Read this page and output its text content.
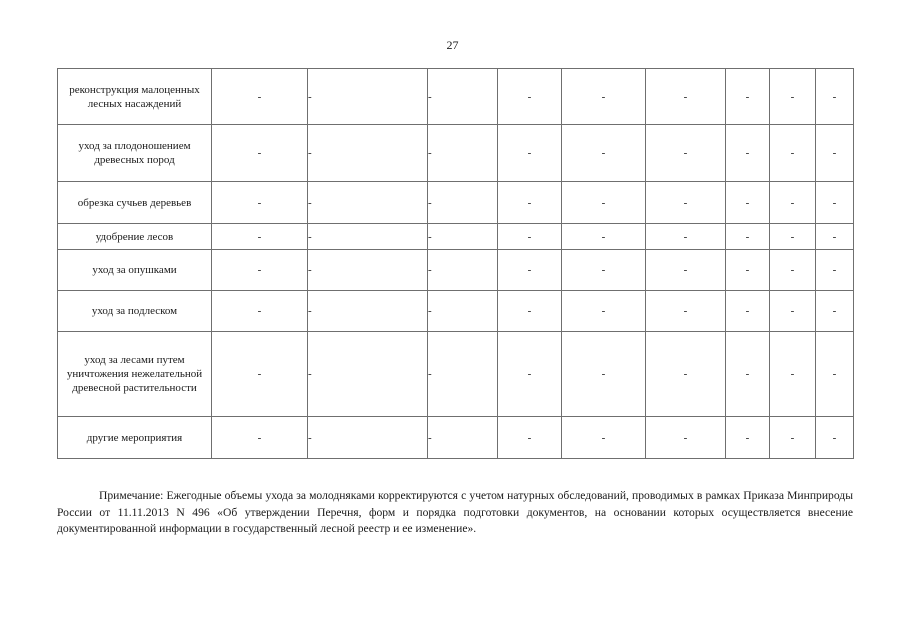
27
реконструкция малоценных лесных насаждений	-	-	-	-	-	-	-	-	-
уход за плодоношением древесных пород	-	-	-	-	-	-	-	-	-
обрезка сучьев деревьев	-	-	-	-	-	-	-	-	-
удобрение лесов	-	-	-	-	-	-	-	-	-
уход за опушками	-	-	-	-	-	-	-	-	-
уход за подлеском	-	-	-	-	-	-	-	-	-
уход за лесами путем уничтожения нежелательной древесной растительности	-	-	-	-	-	-	-	-	-
другие мероприятия	-	-	-	-	-	-	-	-	-

Примечание: Ежегодные объемы ухода за молодняками корректируются с учетом натурных обследований, проводимых в рамках Приказа Минприроды России от 11.11.2013 N 496 «Об утверждении Перечня, форм и порядка подготовки документов, на основании которых осуществляется внесение документированной информации в государственный лесной реестр и ее изменение».
